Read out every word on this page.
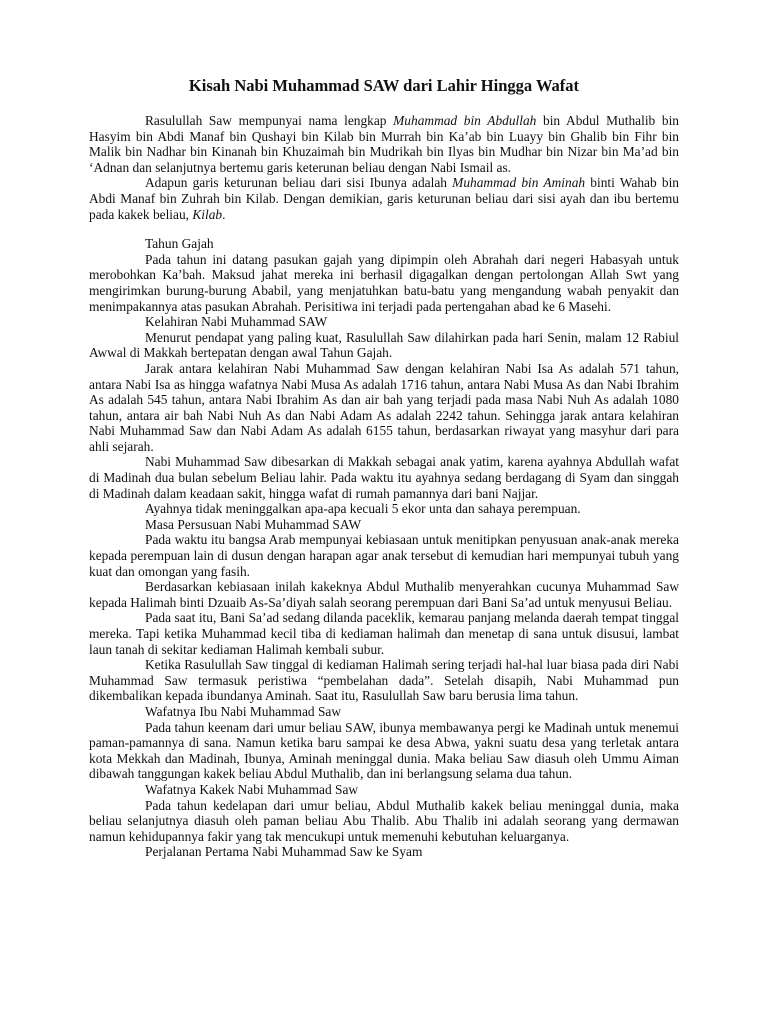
Kisah Nabi Muhammad SAW dari Lahir Hingga Wafat

Rasulullah Saw mempunyai nama lengkap Muhammad bin Abdullah bin Abdul Muthalib bin Hasyim bin Abdi Manaf bin Qushayi bin Kilab bin Murrah bin Ka’ab bin Luayy bin Ghalib bin Fihr bin Malik bin Nadhar bin Kinanah bin Khuzaimah bin Mudrikah bin Ilyas bin Mudhar bin Nizar bin Ma’ad bin ‘Adnan dan selanjutnya bertemu garis keterunan beliau dengan Nabi Ismail as.

Adapun garis keturunan beliau dari sisi Ibunya adalah Muhammad bin Aminah binti Wahab bin Abdi Manaf bin Zuhrah bin Kilab. Dengan demikian, garis keturunan beliau dari sisi ayah dan ibu bertemu pada kakek beliau, Kilab.

Tahun Gajah

Pada tahun ini datang pasukan gajah yang dipimpin oleh Abrahah dari negeri Habasyah untuk merobohkan Ka’bah. Maksud jahat mereka ini berhasil digagalkan dengan pertolongan Allah Swt yang mengirimkan burung-burung Ababil, yang menjatuhkan batu-batu yang mengandung wabah penyakit dan menimpakannya atas pasukan Abrahah. Perisitiwa ini terjadi pada pertengahan abad ke 6 Masehi.

Kelahiran Nabi Muhammad SAW

Menurut pendapat yang paling kuat, Rasulullah Saw dilahirkan pada hari Senin, malam 12 Rabiul Awwal di Makkah bertepatan dengan awal Tahun Gajah.

Jarak antara kelahiran Nabi Muhammad Saw dengan kelahiran Nabi Isa As adalah 571 tahun, antara Nabi Isa as hingga wafatnya Nabi Musa As adalah 1716 tahun, antara Nabi Musa As dan Nabi Ibrahim As adalah 545 tahun, antara Nabi Ibrahim As dan air bah yang terjadi pada masa Nabi Nuh As adalah 1080 tahun, antara air bah Nabi Nuh As dan Nabi Adam As adalah 2242 tahun. Sehingga jarak antara kelahiran Nabi Muhammad Saw dan Nabi Adam As adalah 6155 tahun, berdasarkan riwayat yang masyhur dari para ahli sejarah.

Nabi Muhammad Saw dibesarkan di Makkah sebagai anak yatim, karena ayahnya Abdullah wafat di Madinah dua bulan sebelum Beliau lahir. Pada waktu itu ayahnya sedang berdagang di Syam dan singgah di Madinah dalam keadaan sakit, hingga wafat di rumah pamannya dari bani Najjar.

Ayahnya tidak meninggalkan apa-apa kecuali 5 ekor unta dan sahaya perempuan.

Masa Persusuan Nabi Muhammad SAW

Pada waktu itu bangsa Arab mempunyai kebiasaan untuk menitipkan penyusuan anak-anak mereka kepada perempuan lain di dusun dengan harapan agar anak tersebut di kemudian hari mempunyai tubuh yang kuat dan omongan yang fasih.

Berdasarkan kebiasaan inilah kakeknya Abdul Muthalib menyerahkan cucunya Muhammad Saw kepada Halimah binti Dzuaib As-Sa’diyah salah seorang perempuan dari Bani Sa’ad untuk menyusui Beliau.

Pada saat itu, Bani Sa’ad sedang dilanda paceklik, kemarau panjang melanda daerah tempat tinggal mereka. Tapi ketika Muhammad kecil tiba di kediaman halimah dan menetap di sana untuk disusui, lambat laun tanah di sekitar kediaman Halimah kembali subur.

Ketika Rasulullah Saw tinggal di kediaman Halimah sering terjadi hal-hal luar biasa pada diri Nabi Muhammad Saw termasuk peristiwa “pembelahan dada”. Setelah disapih, Nabi Muhammad pun dikembalikan kepada ibundanya Aminah. Saat itu, Rasulullah Saw baru berusia lima tahun.

Wafatnya Ibu Nabi Muhammad Saw

Pada tahun keenam dari umur beliau SAW, ibunya membawanya pergi ke Madinah untuk menemui paman-pamannya di sana. Namun ketika baru sampai ke desa Abwa, yakni suatu desa yang terletak antara kota Mekkah dan Madinah, Ibunya, Aminah meninggal dunia. Maka beliau Saw diasuh oleh Ummu Aiman dibawah tanggungan kakek beliau Abdul Muthalib, dan ini berlangsung selama dua tahun.

Wafatnya Kakek Nabi Muhammad Saw

Pada tahun kedelapan dari umur beliau, Abdul Muthalib kakek beliau meninggal dunia, maka beliau selanjutnya diasuh oleh paman beliau Abu Thalib. Abu Thalib ini adalah seorang yang dermawan namun kehidupannya fakir yang tak mencukupi untuk memenuhi kebutuhan keluarganya.

Perjalanan Pertama Nabi Muhammad Saw ke Syam
